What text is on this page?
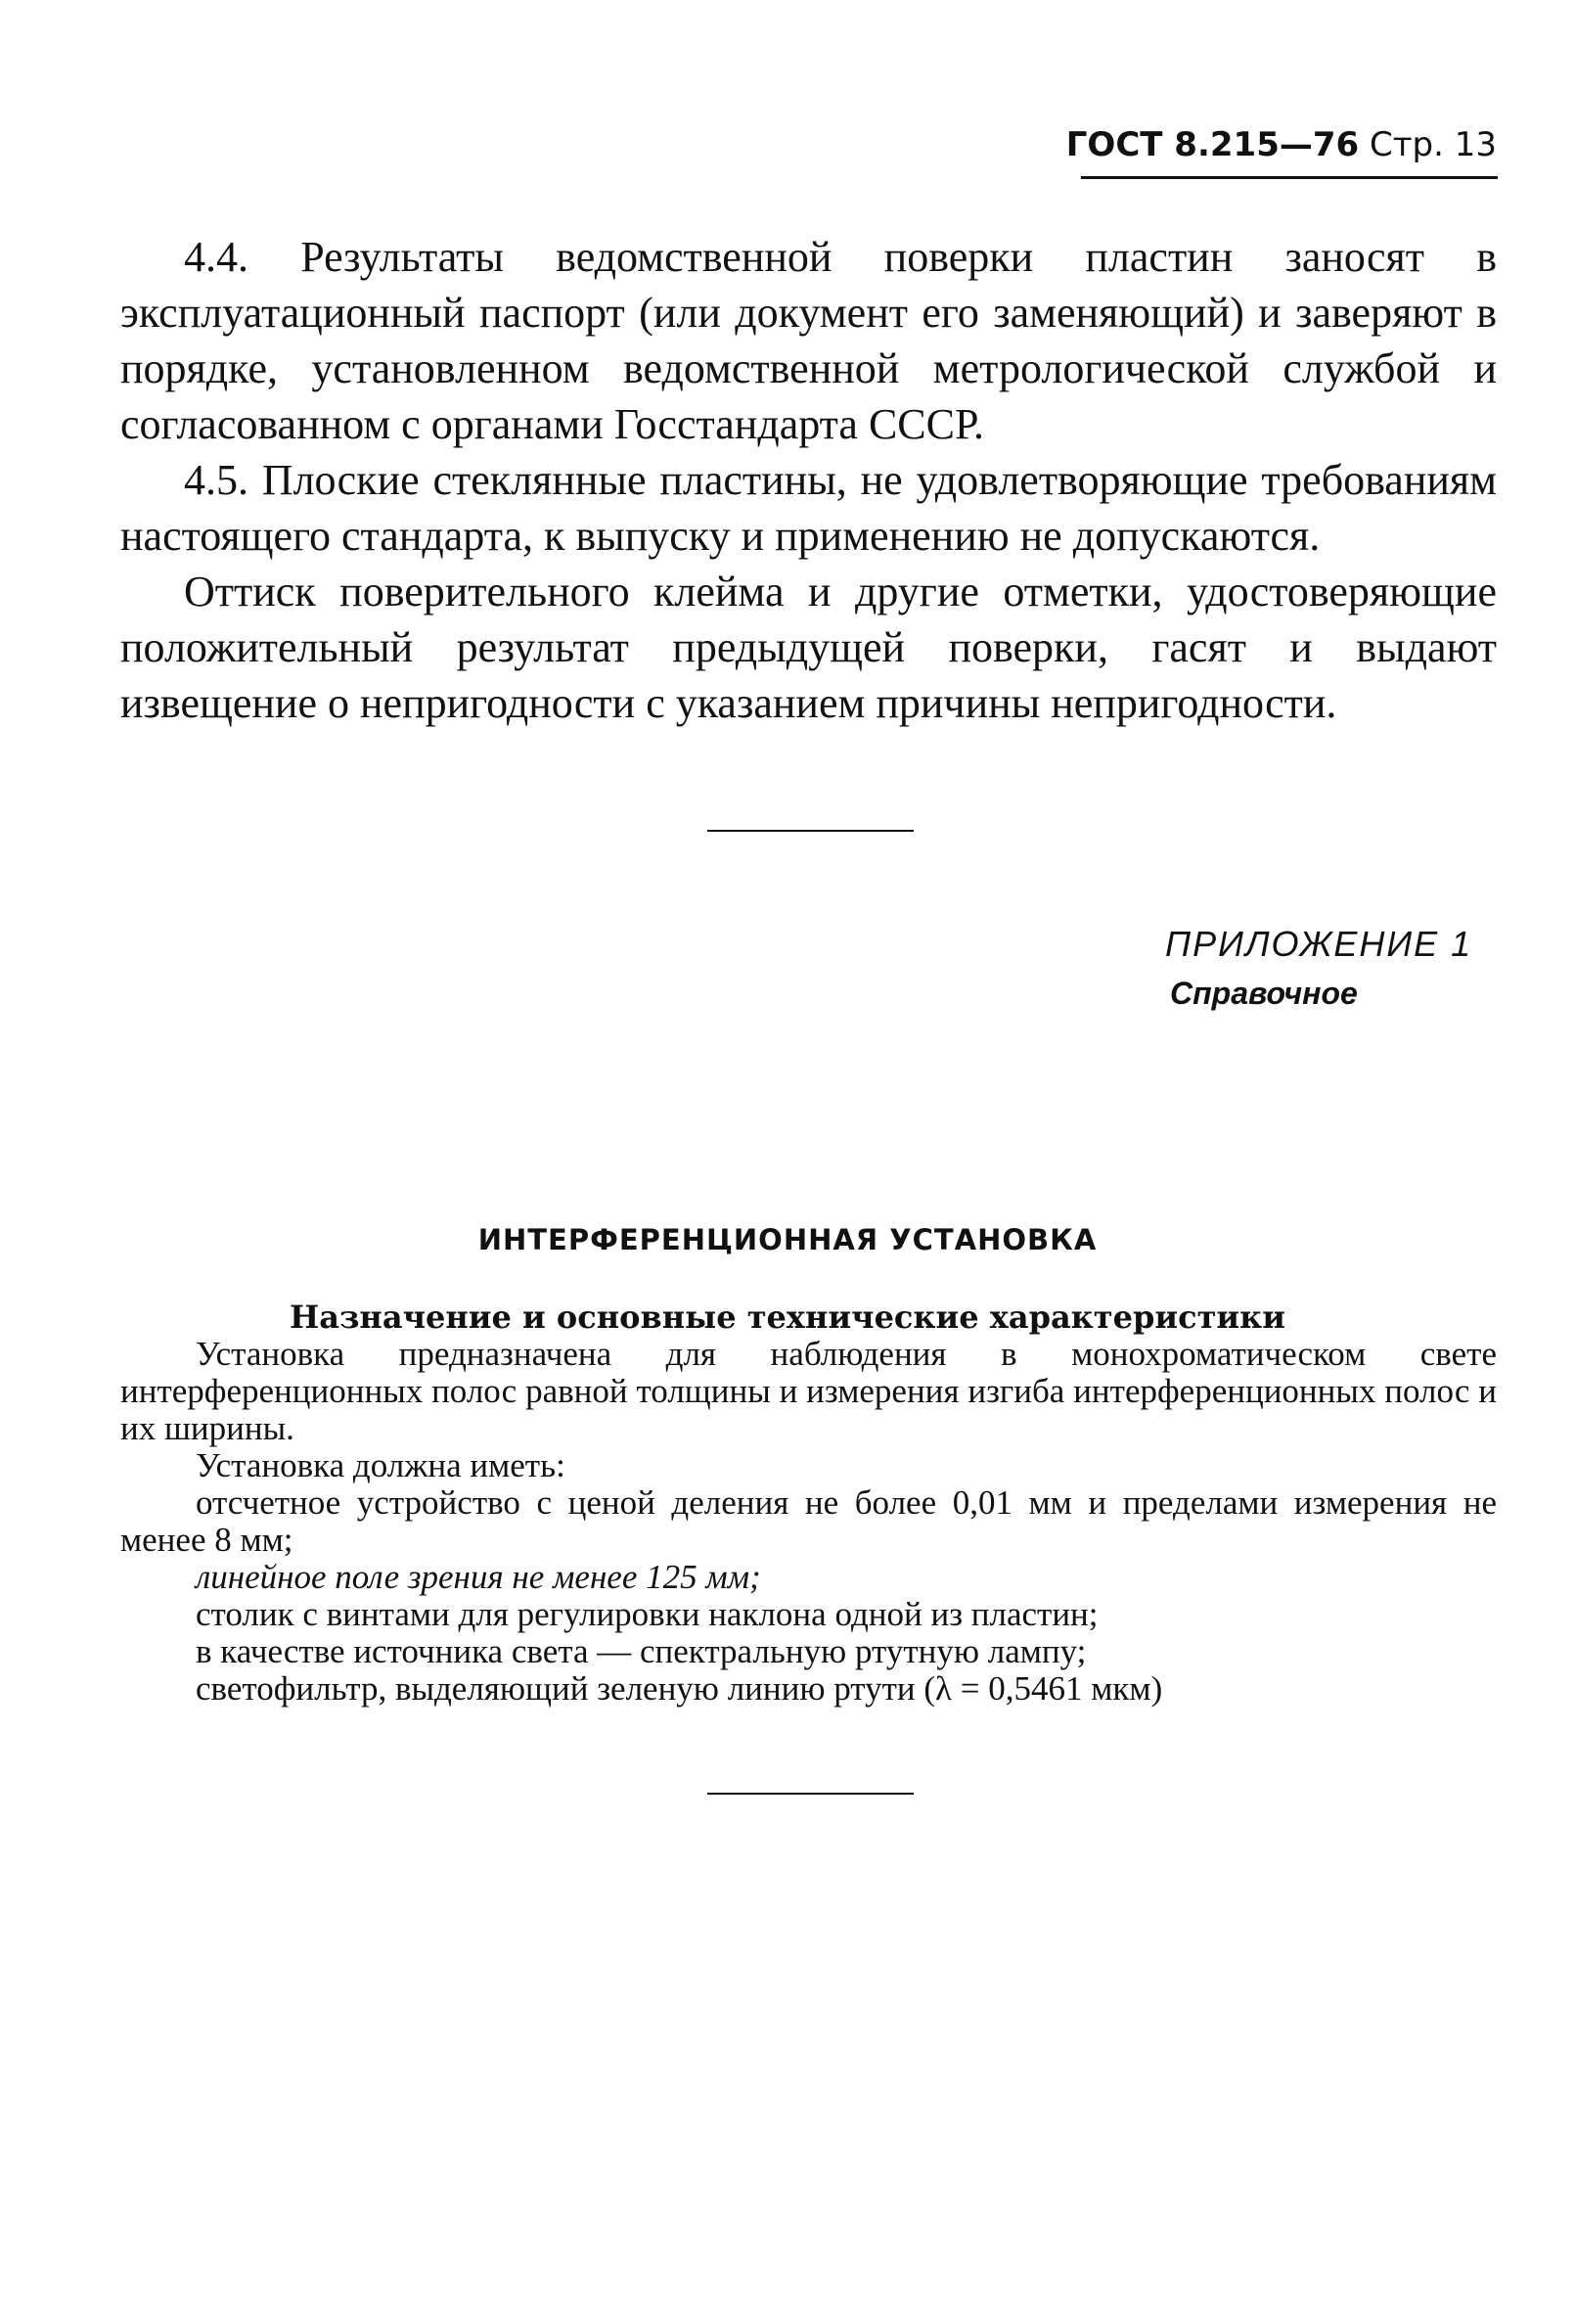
ГОСТ 8.215—76 Стр. 13

4.4. Результаты ведомственной поверки пластин заносят в эксплуатационный паспорт (или документ его заменяющий) и заверяют в порядке, установленном ведомственной метрологической службой и согласованном с органами Госстандарта СССР.

4.5. Плоские стеклянные пластины, не удовлетворяющие требованиям настоящего стандарта, к выпуску и применению не допускаются.

Оттиск поверительного клейма и другие отметки, удостоверяющие положительный результат предыдущей поверки, гасят и выдают извещение о непригодности с указанием причины непригодности.

ПРИЛОЖЕНИЕ 1
Справочное
ИНТЕРФЕРЕНЦИОННАЯ УСТАНОВКА
Назначение и основные технические характеристики

Установка предназначена для наблюдения в монохроматическом свете интерференционных полос равной толщины и измерения изгиба интерференционных полос и их ширины.

Установка должна иметь:

отсчетное устройство с ценой деления не более 0,01 мм и пределами измерения не менее 8 мм;

линейное поле зрения не менее 125 мм;

столик с винтами для регулировки наклона одной из пластин;

в качестве источника света — спектральную ртутную лампу;

светофильтр, выделяющий зеленую линию ртути (λ = 0,5461 мкм)
